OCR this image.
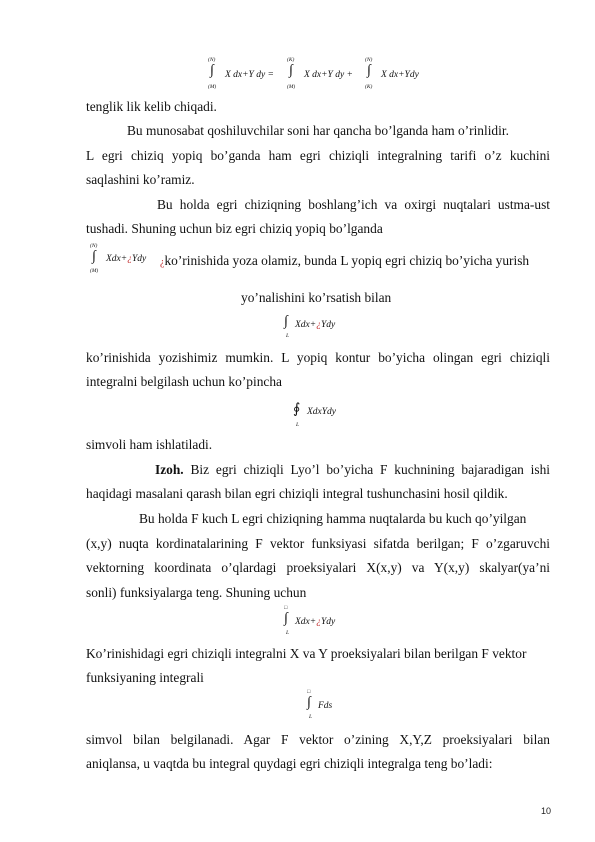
(N)
∫
(M)
X dx+Y dy =
(K)
∫
(M)
X dx+Y dy +
(N)
∫
(K)
X dx+Ydy
tenglik lik kelib chiqadi.
Bu munosabat qoshiluvchilar soni har qancha bo’lganda ham o’rinlidir.
L egri chiziq yopiq bo’ganda ham egri chiziqli integralning tarifi o’z kuchini
saqlashini ko’ramiz.
Bu holda egri chiziqning boshlang’ich va oxirgi nuqtalari ustma-ust
tushadi. Shuning uchun biz egri chiziq yopiq bo’lganda
(N)
∫
(M)
Xdx+¿Ydy ¿ko’rinishida yoza olamiz, bunda L yopiq egri chiziq bo’yicha yurish
yo’nalishini ko’rsatish bilan
∫
L
Xdx+¿Ydy
ko’rinishida yozishimiz mumkin. L yopiq kontur bo’yicha olingan egri chiziqli
integralni belgilash uchun ko’pincha
∮
L
XdxYdy
simvoli ham ishlatiladi.
Izoh. Biz egri chiziqli Lyo’l bo’yicha F kuchnining bajaradigan ishi
haqidagi masalani qarash bilan egri chiziqli integral tushunchasini hosil qildik.
Bu holda F kuch L egri chiziqning hamma nuqtalarda bu kuch qo’yilgan
(x,y) nuqta kordinatalarining F vektor funksiyasi sifatda berilgan; F o’zgaruvchi
vektorning koordinata o’qlardagi proeksiyalari X(x,y) va Y(x,y) skalyar(ya’ni
sonli) funksiyalarga teng. Shuning uchun
□
∫
L
Xdx+¿Ydy
Ko’rinishidagi egri chiziqli integralni X va Y proeksiyalari bilan berilgan F vektor
funksiyaning integrali
□
∫
L
Fds
simvol bilan belgilanadi. Agar F vektor o’zining X,Y,Z proeksiyalari bilan
aniqlansa, u vaqtda bu integral quydagi egri chiziqli integralga teng bo’ladi:
10
